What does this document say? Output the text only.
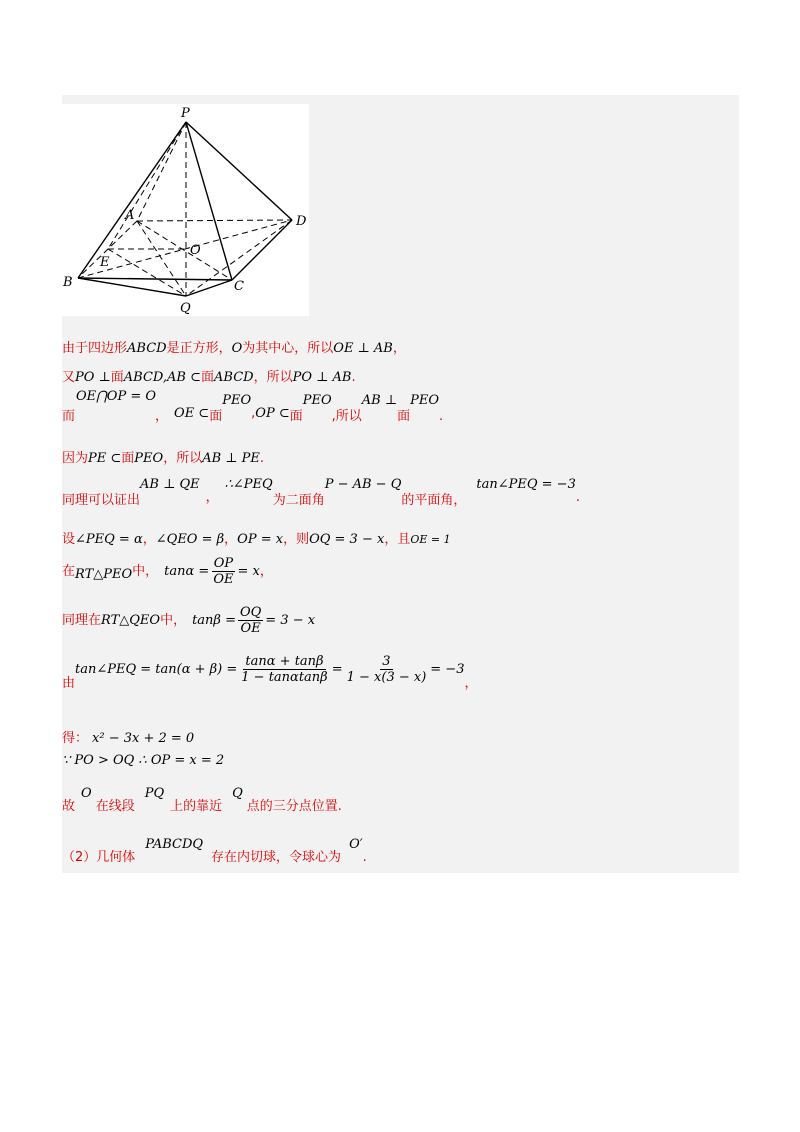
P
A	D
O
E
B	C
Q
由于四边形ABCD是正方形，O为其中心，所以OE ⊥ AB，
又PO ⊥面ABCD,AB ⊂面ABCD，所以PO ⊥ AB.
而
OE⋂OP = O
， OE ⊂面PEO,OP ⊂面PEO,所以AB ⊥面PEO.
因为PE ⊂面PEO，所以AB ⊥ PE.
同理可以证出AB ⊥ QE，∴∠PEQ为二面角P − AB − Q的平面角，tan∠PEQ = −3.
设∠PEQ = α，∠QEO = β，OP = x，则OQ = 3 − x，且OE = 1
在RT△PEO中， $\tan\alpha = \frac{OP}{OE} = x$，
同理在RT△QEO中， $\tan\beta = \frac{OQ}{OE} = 3 - x$
由tan∠PEQ = $\tan(\alpha + \beta) = \frac{\tan\alpha + \tan\beta}{1 - \tan\alpha\tan\beta} = \frac{3}{1 - x(3 - x)} = -3$，
得： x² − 3x + 2 = 0
∵ PO > OQ ∴ OP = x = 2
故O在线段PQ上的靠近Q点的三分点位置.
（2）几何体PABCDQ存在内切球，令球心为O′.
